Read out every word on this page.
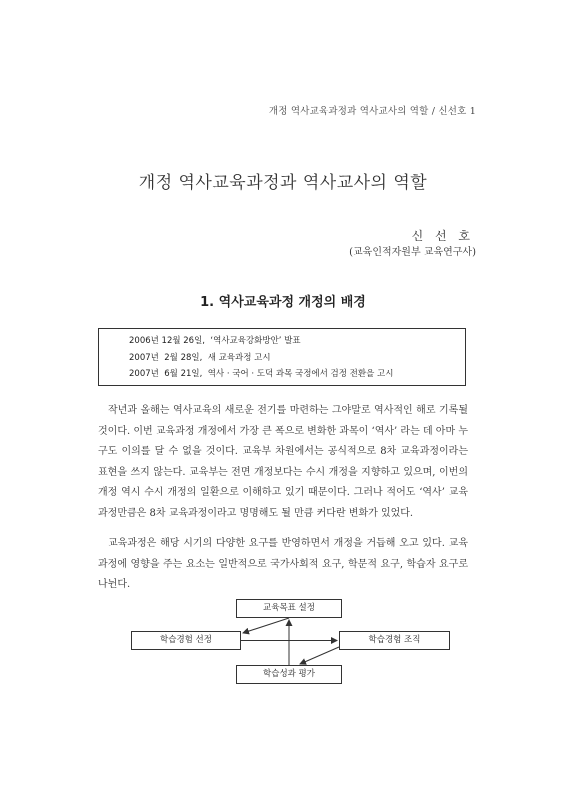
개정 역사교육과정과 역사교사의 역할 / 신선호 1
개정 역사교육과정과 역사교사의 역할
신 선 호
(교육인적자원부 교육연구사)
1. 역사교육과정 개정의 배경
2006년 12월 26일,  ‘역사교육강화방안’ 발표
2007년  2월 28일,  새 교육과정 고시
2007년  6월 21일,  역사 · 국어 · 도덕 과목 국정에서 검정 전환을 고시

작년과 올해는 역사교육의 새로운 전기를 마련하는 그야말로 역사적인 해로 기록될 것이다. 이번 교육과정 개정에서 가장 큰 폭으로 변화한 과목이 ‘역사’ 라는 데 아마 누구도 이의를 달 수 없을 것이다. 교육부 차원에서는 공식적으로 8차 교육과정이라는 표현을 쓰지 않는다. 교육부는 전면 개정보다는 수시 개정을 지향하고 있으며, 이번의 개정 역시 수시 개정의 일환으로 이해하고 있기 때문이다. 그러나 적어도 ‘역사’ 교육과정만큼은 8차 교육과정이라고 명명해도 될 만큼 커다란 변화가 있었다.

교육과정은 해당 시기의 다양한 요구를 반영하면서 개정을 거듭해 오고 있다. 교육과정에 영향을 주는 요소는 일반적으로 국가사회적 요구, 학문적 요구, 학습자 요구로 나뉜다.

교육목표 설정
학습경험 선정	학습경험 조직
학습성과 평가
